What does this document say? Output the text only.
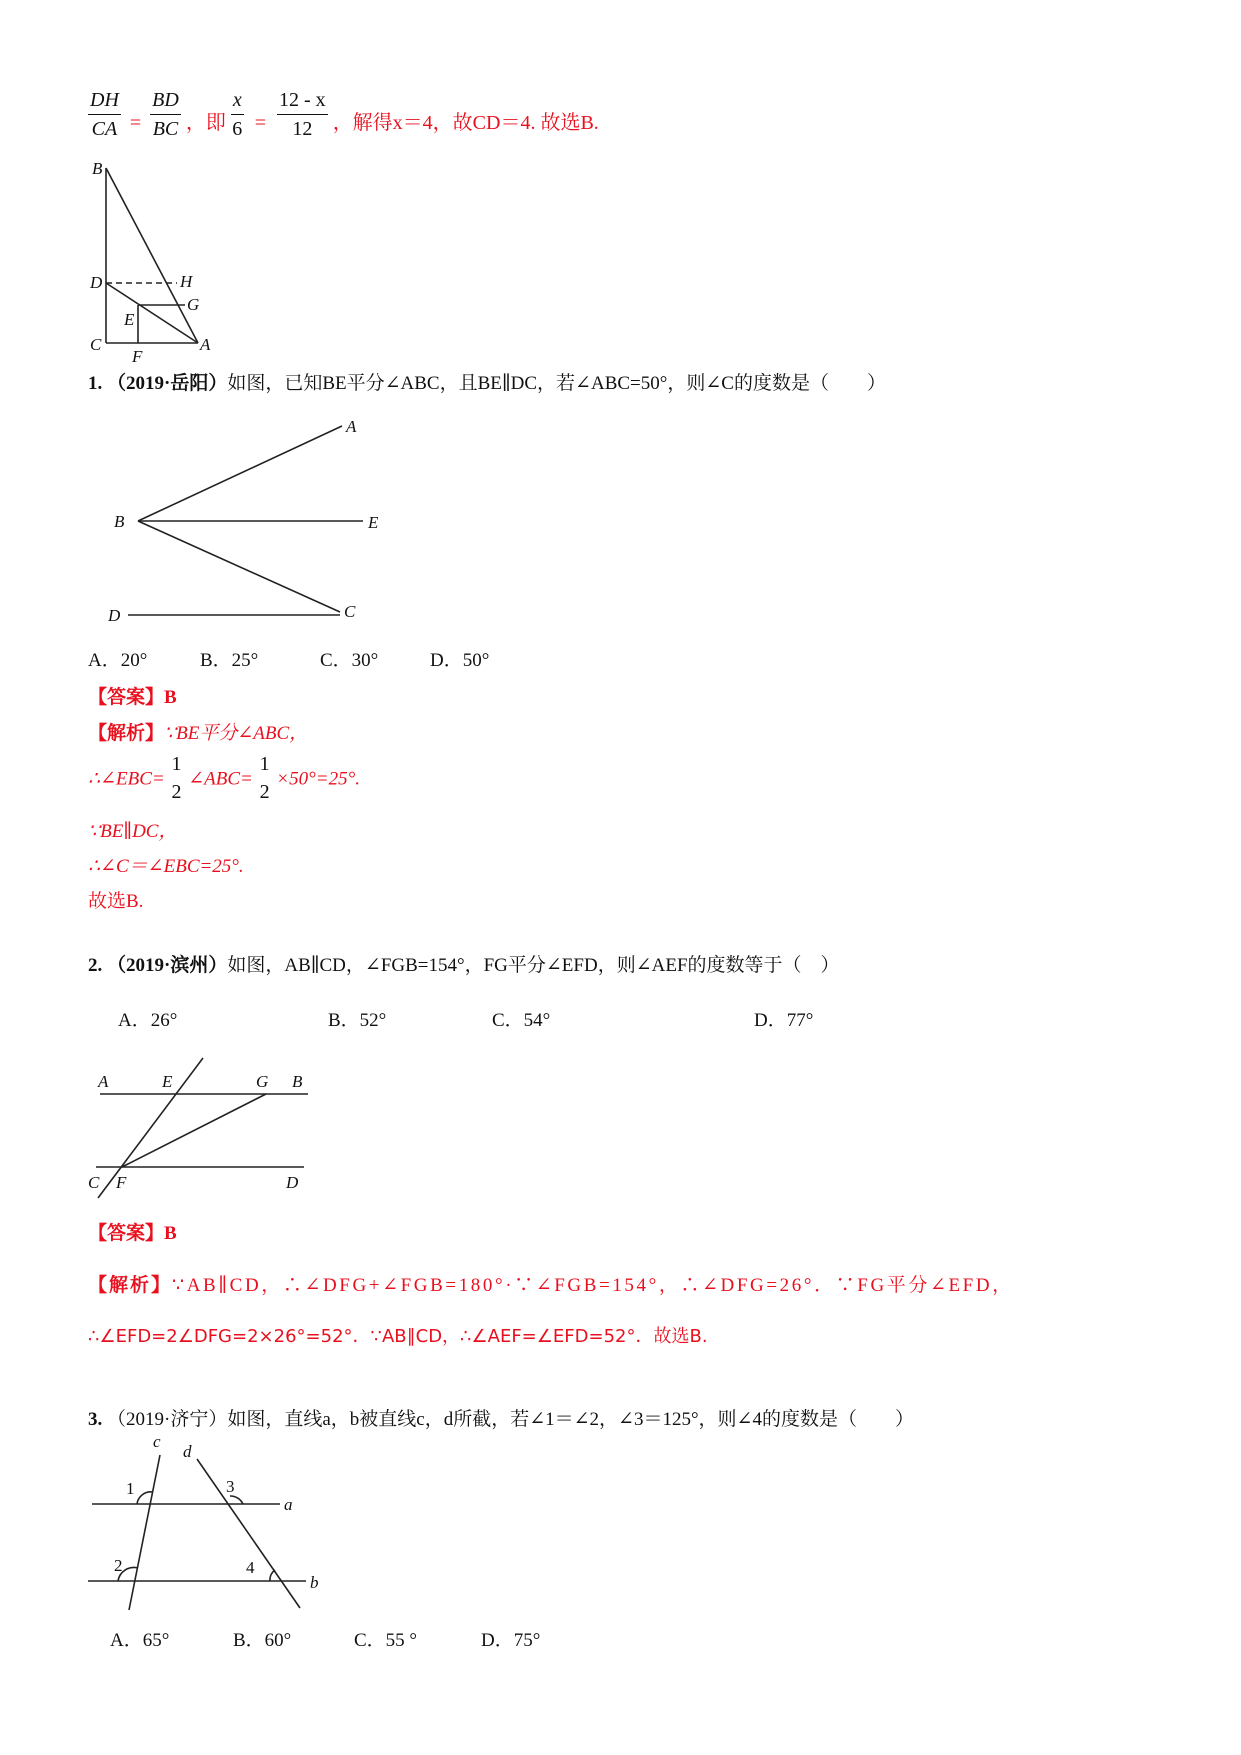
$\frac{DH}{CA} = \frac{BD}{BC}$ ，即 $\frac{x}{6} = \frac{12 - x}{12}$ ，解得x＝4，故CD＝4. 故选B.
B
D	H
E
G
C
F
A
1. （2019·岳阳）如图，已知BE平分∠ABC，且BE∥DC，若∠ABC=50°，则∠C的度数是（　　）
A
B	E
D	C
A．20°	B．25°	C．30°	D．50°
【答案】B
【解析】∵BE平分∠ABC，
∴∠EBC=
1
2
∠ABC=
1
2
×50°=25°.
∵BE∥DC，
∴∠C＝∠EBC=25°.
故选B.
2. （2019·滨州）如图，AB∥CD，∠FGB=154°，FG平分∠EFD，则∠AEF的度数等于（　）
A．26°	B．52°	C．54°	D．77°
A	E	G B
C F	D
【答案】B
【解析】∵AB∥CD，∴∠DFG+∠FGB=180°·∵∠FGB=154°，∴∠DFG=26°．∵FG平分∠EFD，
∴∠EFD=2∠DFG=2×26°=52°．∵AB∥CD，∴∠AEF=∠EFD=52°．故选B.
3. （2019·济宁）如图，直线a，b被直线c，d所截，若∠1＝∠2，∠3＝125°，则∠4的度数是（　　）
c
d
1	3
a
2	4
b
A．65°	B．60°	C．55 °	D．75°
